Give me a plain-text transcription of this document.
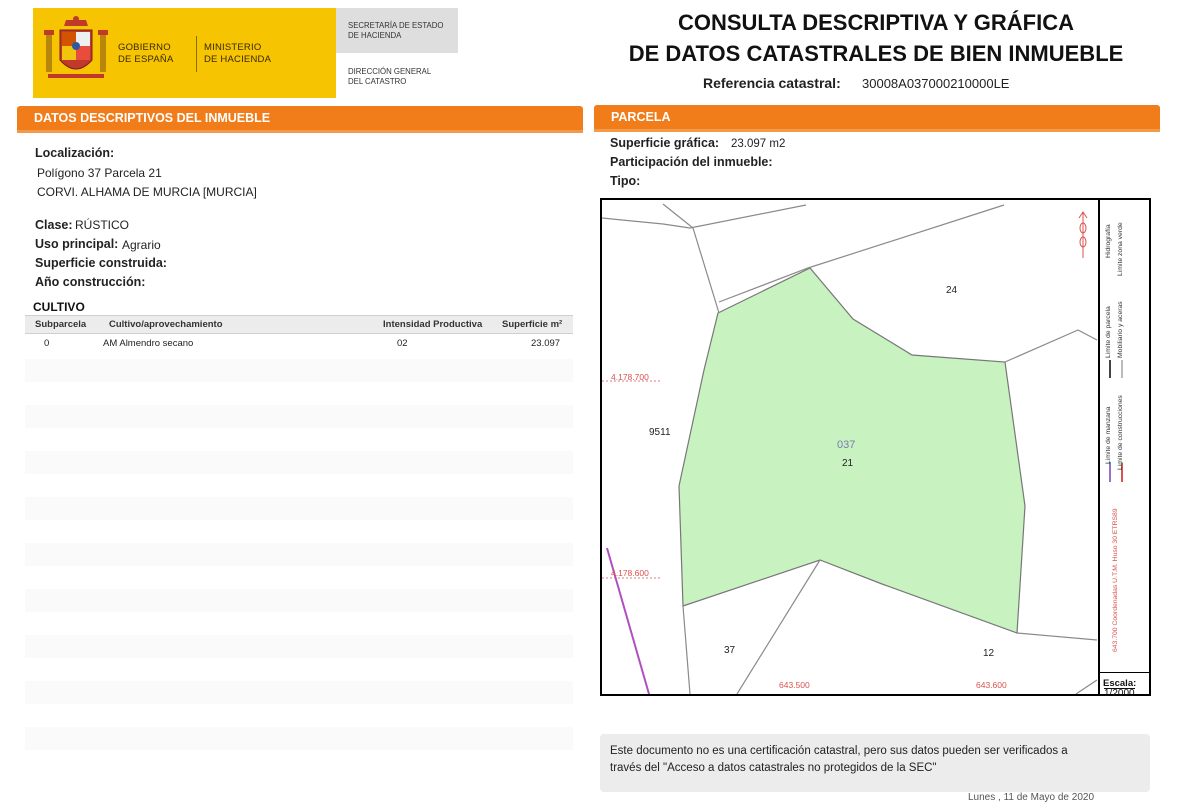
GOBIERNO
DE ESPAÑA
MINISTERIO
DE HACIENDA
SECRETARÍA DE ESTADO
DE HACIENDA
DIRECCIÓN GENERAL
DEL CATASTRO
CONSULTA DESCRIPTIVA Y GRÁFICA
DE DATOS CATASTRALES DE BIEN INMUEBLE
Referencia catastral: 30008A037000210000LE
DATOS DESCRIPTIVOS DEL INMUEBLE
Localización:
Polígono 37 Parcela 21
CORVI. ALHAMA DE MURCIA [MURCIA]
Clase: RÚSTICO
Uso principal: Agrario
Superficie construida:
Año construcción:
CULTIVO
Subparcela Cultivo/aprovechamiento	Intensidad Productiva Superficie m²
0	AM Almendro secano	02	23.097
PARCELA
Superficie gráfica: 23.097 m2
Participación del inmueble:
Tipo:
24
9511
037
21
37	12
4.178.700
4.178.600
643.500	643.600
Hidrografía Limite zona verde
Limite de parcela Mobiliario y aceras
Limite de manzana Limite de construcciones
643.700 Coordenadas U.T.M. Huso 30 ETRS89
Escala:
1/2000
Este documento no es una certificación catastral, pero sus datos pueden ser verificados a
través del "Acceso a datos catastrales no protegidos de la SEC"
Lunes , 11 de Mayo de 2020
